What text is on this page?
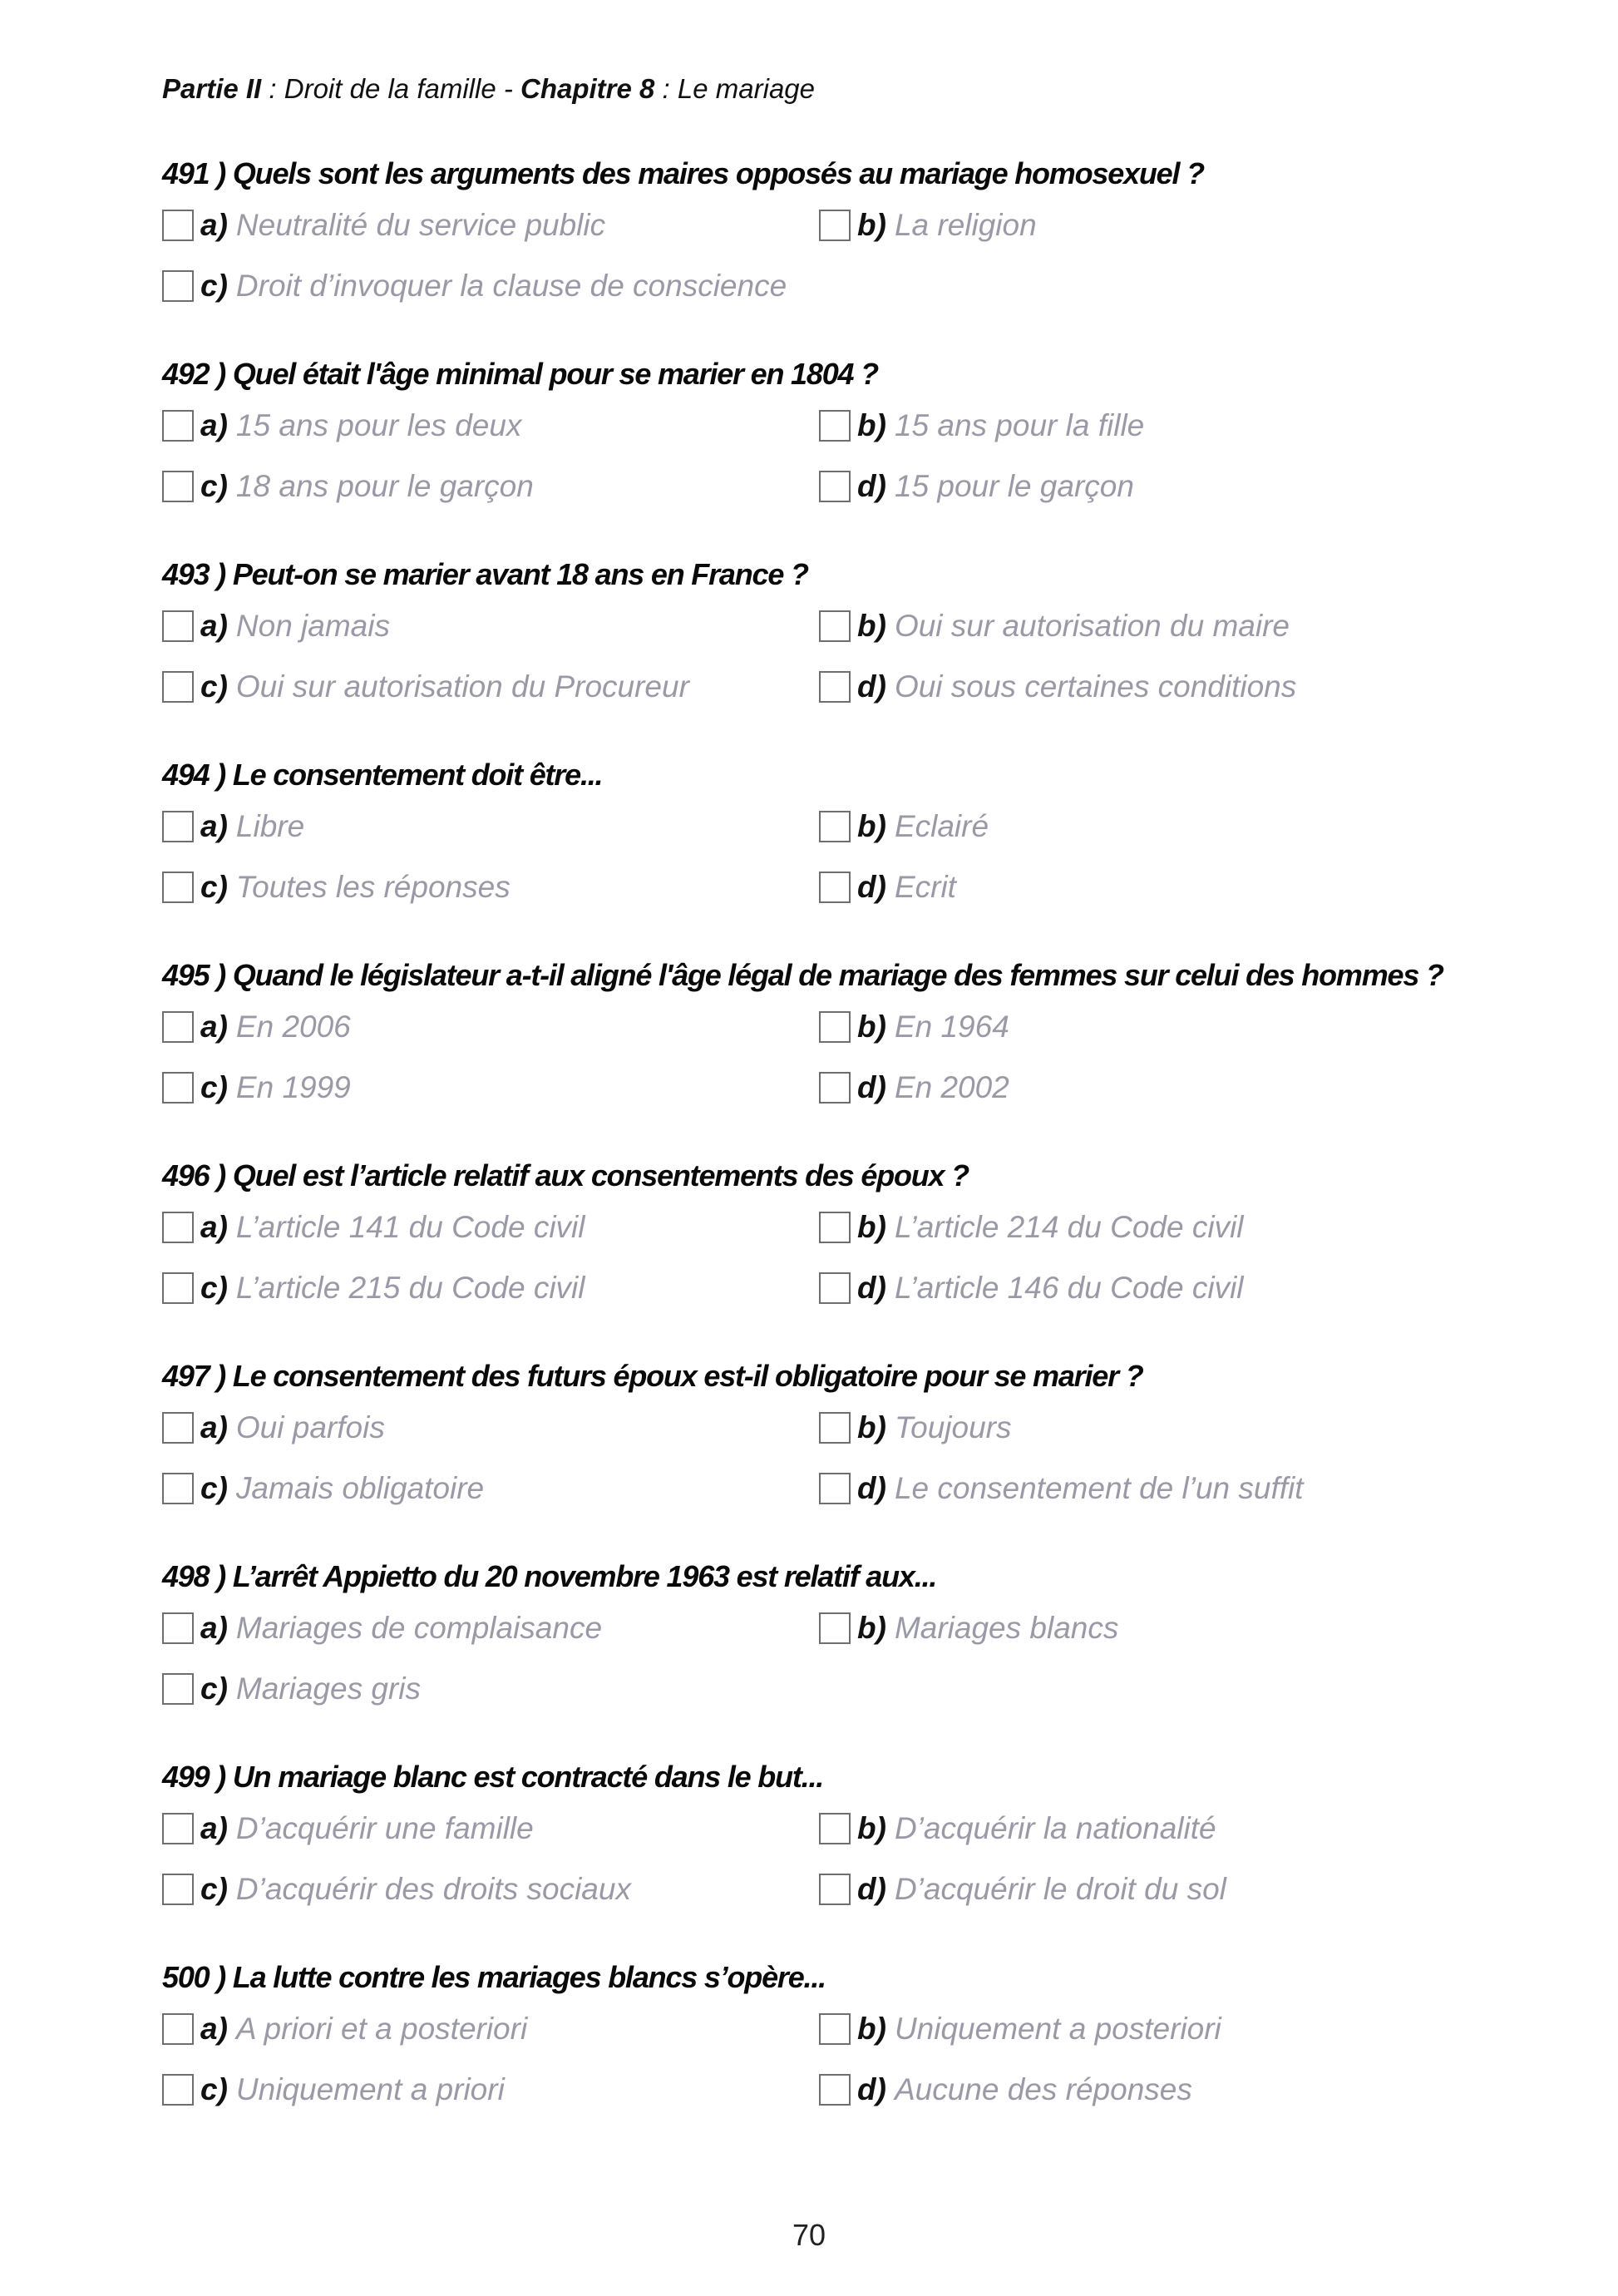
Partie II : Droit de la famille - Chapitre 8 : Le mariage
491 ) Quels sont les arguments des maires opposés au mariage homosexuel ?
a) Neutralité du service public	b) La religion
c) Droit d’invoquer la clause de conscience
492 ) Quel était l'âge minimal pour se marier en 1804 ?
a) 15 ans pour les deux	b) 15 ans pour la fille
c) 18 ans pour le garçon	d) 15 pour le garçon
493 ) Peut-on se marier avant 18 ans en France ?
a) Non jamais	b) Oui sur autorisation du maire
c) Oui sur autorisation du Procureur	d) Oui sous certaines conditions
494 ) Le consentement doit être...
a) Libre	b) Eclairé
c) Toutes les réponses	d) Ecrit
495 ) Quand le législateur a-t-il aligné l'âge légal de mariage des femmes sur celui des hommes ?
a) En 2006	b) En 1964
c) En 1999	d) En 2002
496 ) Quel est l’article relatif aux consentements des époux ?
a) L’article 141 du Code civil	b) L’article 214 du Code civil
c) L’article 215 du Code civil	d) L’article 146 du Code civil
497 ) Le consentement des futurs époux est-il obligatoire pour se marier ?
a) Oui parfois	b) Toujours
c) Jamais obligatoire	d) Le consentement de l’un suffit
498 ) L’arrêt Appietto du 20 novembre 1963 est relatif aux...
a) Mariages de complaisance	b) Mariages blancs
c) Mariages gris
499 ) Un mariage blanc est contracté dans le but...
a) D’acquérir une famille	b) D’acquérir la nationalité
c) D’acquérir des droits sociaux	d) D’acquérir le droit du sol
500 ) La lutte contre les mariages blancs s’opère...
a) A priori et a posteriori	b) Uniquement a posteriori
c) Uniquement a priori	d) Aucune des réponses
70
